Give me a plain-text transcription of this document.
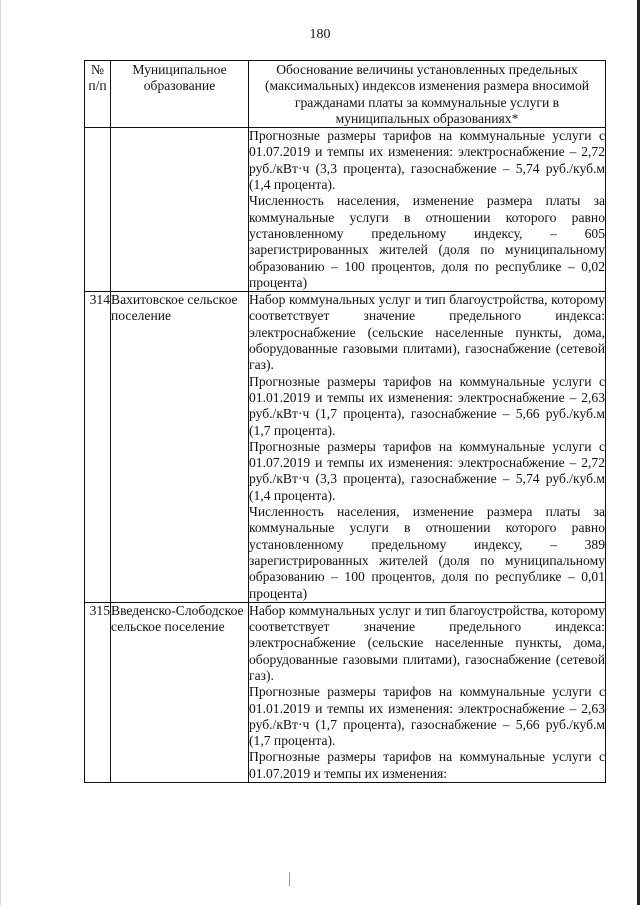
180
№ п/п	Муниципальное образование	Обоснование величины установленных предельных (максимальных) индексов изменения размера вносимой гражданами платы за коммунальные услуги в муниципальных образованиях*

		Прогнозные размеры тарифов на коммунальные услуги с 01.07.2019 и темпы их изменения: электроснабжение – 2,72 руб./кВт·ч (3,3 процента), газоснабжение – 5,74 руб./куб.м (1,4 процента).

Численность населения, изменение размера платы за коммунальные услуги в отношении которого равно установленному предельному индексу, – 605 зарегистрированных жителей (доля по муниципальному образованию – 100 процентов, доля по республике – 0,02 процента)

314	Вахитовское сельское поселение	Набор коммунальных услуг и тип благоустройства, которому соответствует значение предельного индекса: электроснабжение (сельские населенные пункты, дома, оборудованные газовыми плитами), газоснабжение (сетевой газ).

Прогнозные размеры тарифов на коммунальные услуги с 01.01.2019 и темпы их изменения: электроснабжение – 2,63 руб./кВт·ч (1,7 процента), газоснабжение – 5,66 руб./куб.м (1,7 процента).

Прогнозные размеры тарифов на коммунальные услуги с 01.07.2019 и темпы их изменения: электроснабжение – 2,72 руб./кВт·ч (3,3 процента), газоснабжение – 5,74 руб./куб.м (1,4 процента).

Численность населения, изменение размера платы за коммунальные услуги в отношении которого равно установленному предельному индексу, – 389 зарегистрированных жителей (доля по муниципальному образованию – 100 процентов, доля по республике – 0,01 процента)

315	Введенско-Слободское сельское поселение	Набор коммунальных услуг и тип благоустройства, которому соответствует значение предельного индекса: электроснабжение (сельские населенные пункты, дома, оборудованные газовыми плитами), газоснабжение (сетевой газ).

Прогнозные размеры тарифов на коммунальные услуги с 01.01.2019 и темпы их изменения: электроснабжение – 2,63 руб./кВт·ч (1,7 процента), газоснабжение – 5,66 руб./куб.м (1,7 процента).

Прогнозные размеры тарифов на коммунальные услуги с 01.07.2019 и темпы их изменения:
